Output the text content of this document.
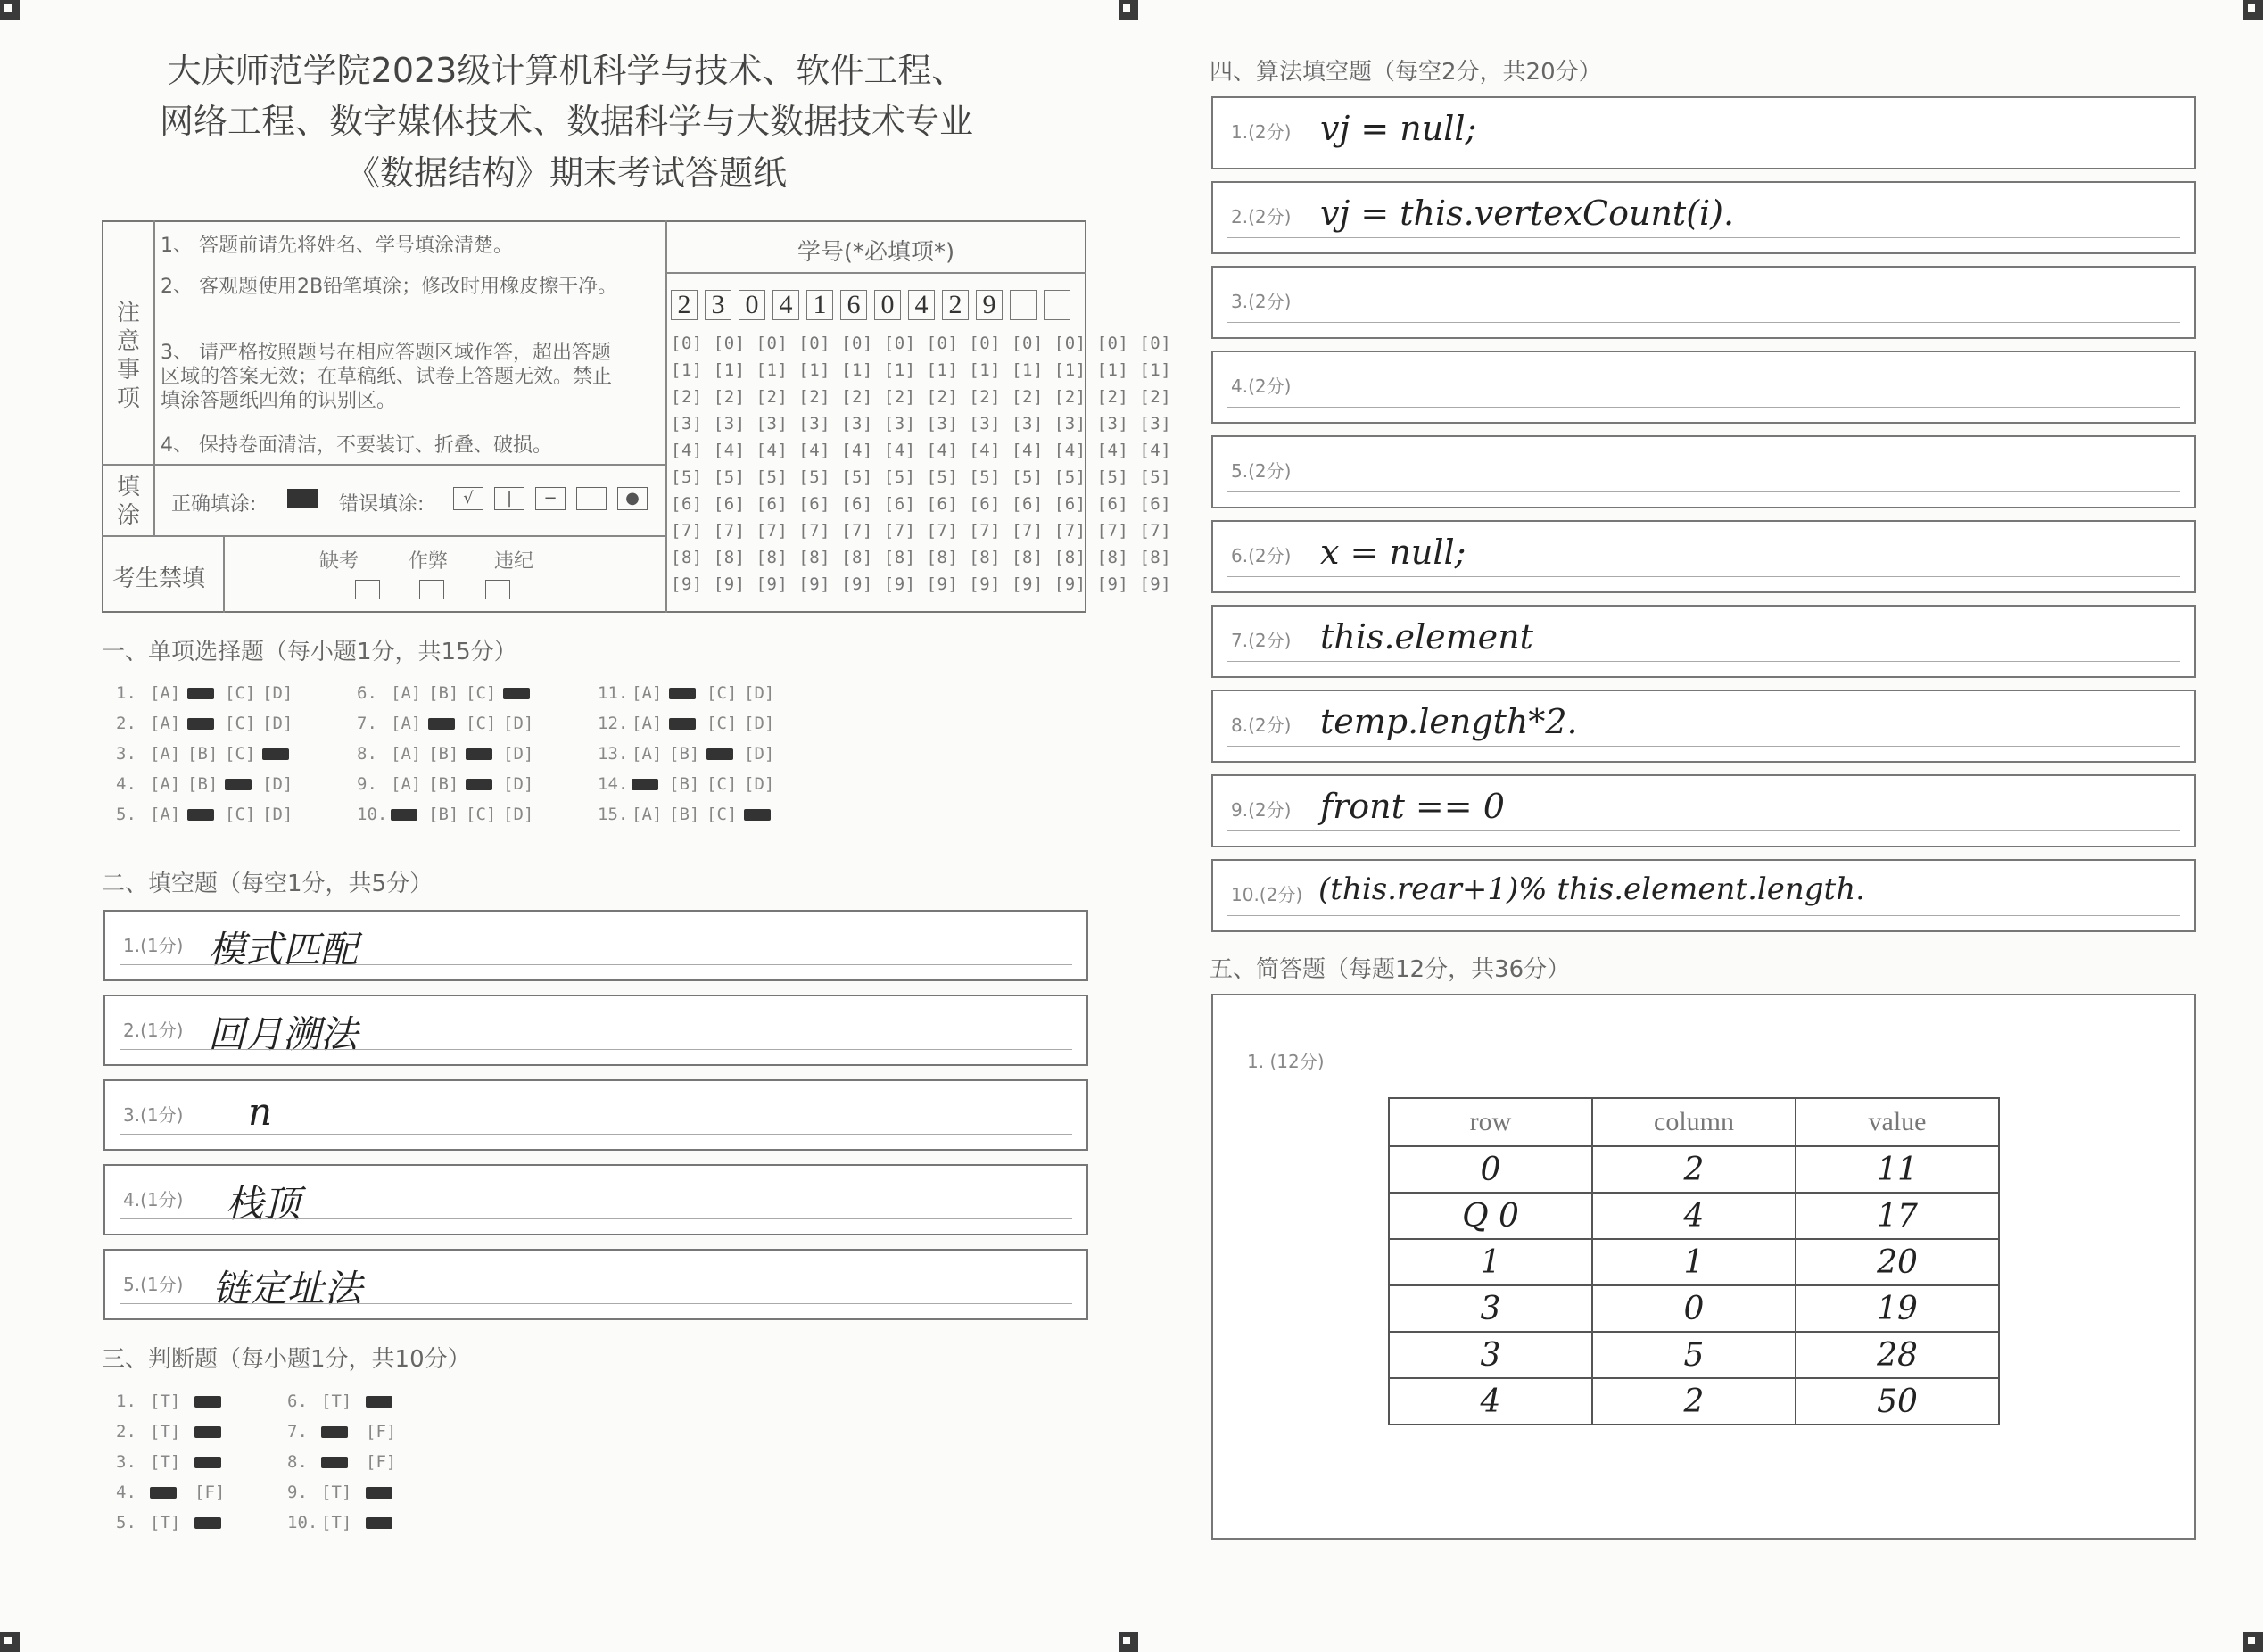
大庆师范学院2023级计算机科学与技术、软件工程、
网络工程、数字媒体技术、数据科学与大数据技术专业
《数据结构》期末考试答题纸
注意事项

1、 答题前请先将姓名、学号填涂清楚。

2、 客观题使用2B铅笔填涂；修改时用橡皮擦干净。

3、 请严格按照题号在相应答题区域作答，超出答题区域的答案无效；在草稿纸、试卷上答题无效。禁止填涂答题纸四角的识别区。

4、 保持卷面清洁，不要装订、折叠、破损。

填涂 正确填涂:	错误填涂:	√	|	−	●
考生禁填
缺考	作弊 违纪
学号(*必填项*)
2 3 0 4 1 6 0 4 2 9
[0] [0] [0] [0] [0] [0] [0] [0] [0] [0] [0] [0]
[1] [1] [1] [1] [1] [1] [1] [1] [1] [1] [1] [1]
[2] [2] [2] [2] [2] [2] [2] [2] [2] [2] [2] [2]
[3] [3] [3] [3] [3] [3] [3] [3] [3] [3] [3] [3]
[4] [4] [4] [4] [4] [4] [4] [4] [4] [4] [4] [4]
[5] [5] [5] [5] [5] [5] [5] [5] [5] [5] [5] [5]
[6] [6] [6] [6] [6] [6] [6] [6] [6] [6] [6] [6]
[7] [7] [7] [7] [7] [7] [7] [7] [7] [7] [7] [7]
[8] [8] [8] [8] [8] [8] [8] [8] [8] [8] [8] [8]
[9] [9] [9] [9] [9] [9] [9] [9] [9] [9] [9] [9]
一、单项选择题（每小题1分，共15分）
1. [A]	[C] [D]
2. [A]	[C] [D]
3. [A] [B] [C]
4. [A] [B]	[D]
5. [A]	[C] [D]
6. [A] [B] [C]
7. [A]	[C] [D]
8. [A] [B]	[D]
9. [A] [B]	[D]
10. [B] [C] [D]
11. [A]	[C] [D]
12. [A]	[C] [D]
13. [A] [B]	[D]
14. [B] [C] [D]
15. [A] [B] [C]
二、填空题（每空1分，共5分）
1.(1分) 模式匹配
2.(1分) 回月溯法
3.(1分) n
4.(1分) 栈顶
5.(1分) 链定址法
三、判断题（每小题1分，共10分）
1. [T]
2. [T]
3. [T]
4.	[F]
5. [T]
6. [T]
7.	[F]
8.	[F]
9. [T]
10. [T]
四、算法填空题（每空2分，共20分）
1.(2分) vj = null;
2.(2分) vj = this.vertexCount(i).
3.(2分)
4.(2分)
5.(2分)
6.(2分) x = null;
7.(2分) this.element
8.(2分) temp.length*2.
9.(2分) front == 0
10.(2分) (this.rear+1)% this.element.length.
五、简答题（每题12分，共36分）
1. (12分)
row	column	value
0	2	11
Q 0	4	17
1	1	20
3	0	19
3	5	28
4	2	50
